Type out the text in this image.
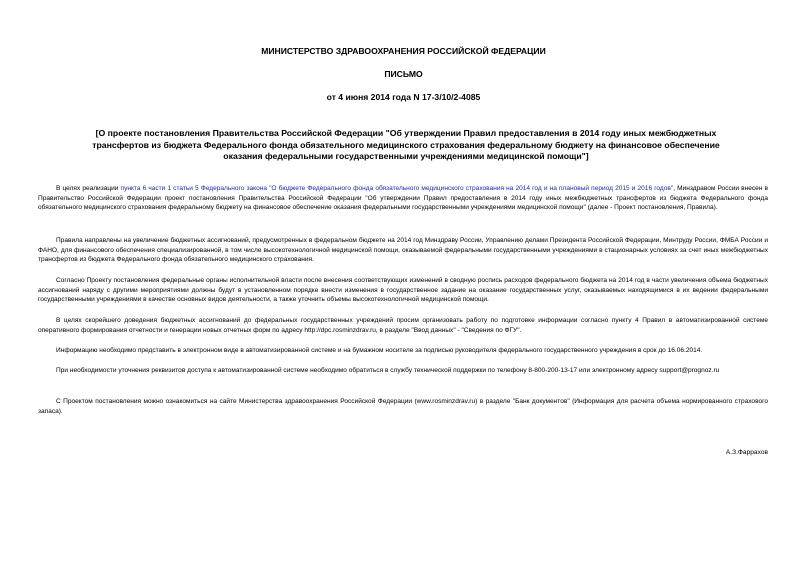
МИНИСТЕРСТВО ЗДРАВООХРАНЕНИЯ РОССИЙСКОЙ ФЕДЕРАЦИИ
ПИСЬМО
от 4 июня 2014 года N 17-3/10/2-4085
[О проекте постановления Правительства Российской Федерации "Об утверждении Правил предоставления в 2014 году иных межбюджетных трансфертов из бюджета Федерального фонда обязательного медицинского страхования федеральному бюджету на финансовое обеспечение оказания федеральными государственными учреждениями медицинской помощи"]

В целях реализации пункта 6 части 1 статьи 5 Федерального закона "О бюджете Федерального фонда обязательного медицинского страхования на 2014 год и на плановый период 2015 и 2016 годов", Минздравом России внесен в Правительство Российской Федерации проект постановления Правительства Российской Федерации "Об утверждении Правил предоставления в 2014 году иных межбюджетных трансфертов из бюджета Федерального фонда обязательного медицинского страхования федеральному бюджету на финансовое обеспечение оказания федеральными государственными учреждениями медицинской помощи" (далее - Проект постановления, Правила).

Правила направлены на увеличение бюджетных ассигнований, предусмотренных в федеральном бюджете на 2014 год Минздраву России, Управлению делами Президента Российской Федерации, Минтруду России, ФМБА России и ФАНО, для финансового обеспечения специализированной, в том числе высокотехнологичной медицинской помощи, оказываемой федеральными государственными учреждениями в стационарных условиях за счет иных межбюджетных трансфертов из бюджета Федерального фонда обязательного медицинского страхования.

Согласно Проекту постановления федеральные органы исполнительной власти после внесения соответствующих изменений в сводную роспись расходов федерального бюджета на 2014 год в части увеличения объема бюджетных ассигнований наряду с другими мероприятиями должны будут в установленном порядке внести изменения в государственное задание на оказание государственных услуг, оказываемых находящимися в их ведении федеральными государственными учреждениями в качестве основных видов деятельности, а также уточнить объемы высокотехнологичной медицинской помощи.

В целях скорейшего доведения бюджетных ассигнований до федеральных государственных учреждений просим организовать работу по подготовке информации согласно пункту 4 Правил в автоматизированной системе оперативного формирования отчетности и генерации новых отчетных форм по адресу http://dpc.rosminzdrav.ru, в разделе "Ввод данных" - "Сведения по ФГУ".

Информацию необходимо представить в электронном виде в автоматизированной системе и на бумажном носителе за подписью руководителя федерального государственного учреждения в срок до 16.06.2014.

При необходимости уточнения реквизитов доступа к автоматизированной системе необходимо обратиться в службу технической поддержки по телефону 8-800-200-13-17 или электронному адресу support@prognoz.ru

С Проектом постановления можно ознакомиться на сайте Министерства здравоохранения Российской Федерации (www.rosminzdrav.ru) в разделе "Банк документов" (Информация для расчета объема нормированного страхового запаса).

А.З.Фаррахов
